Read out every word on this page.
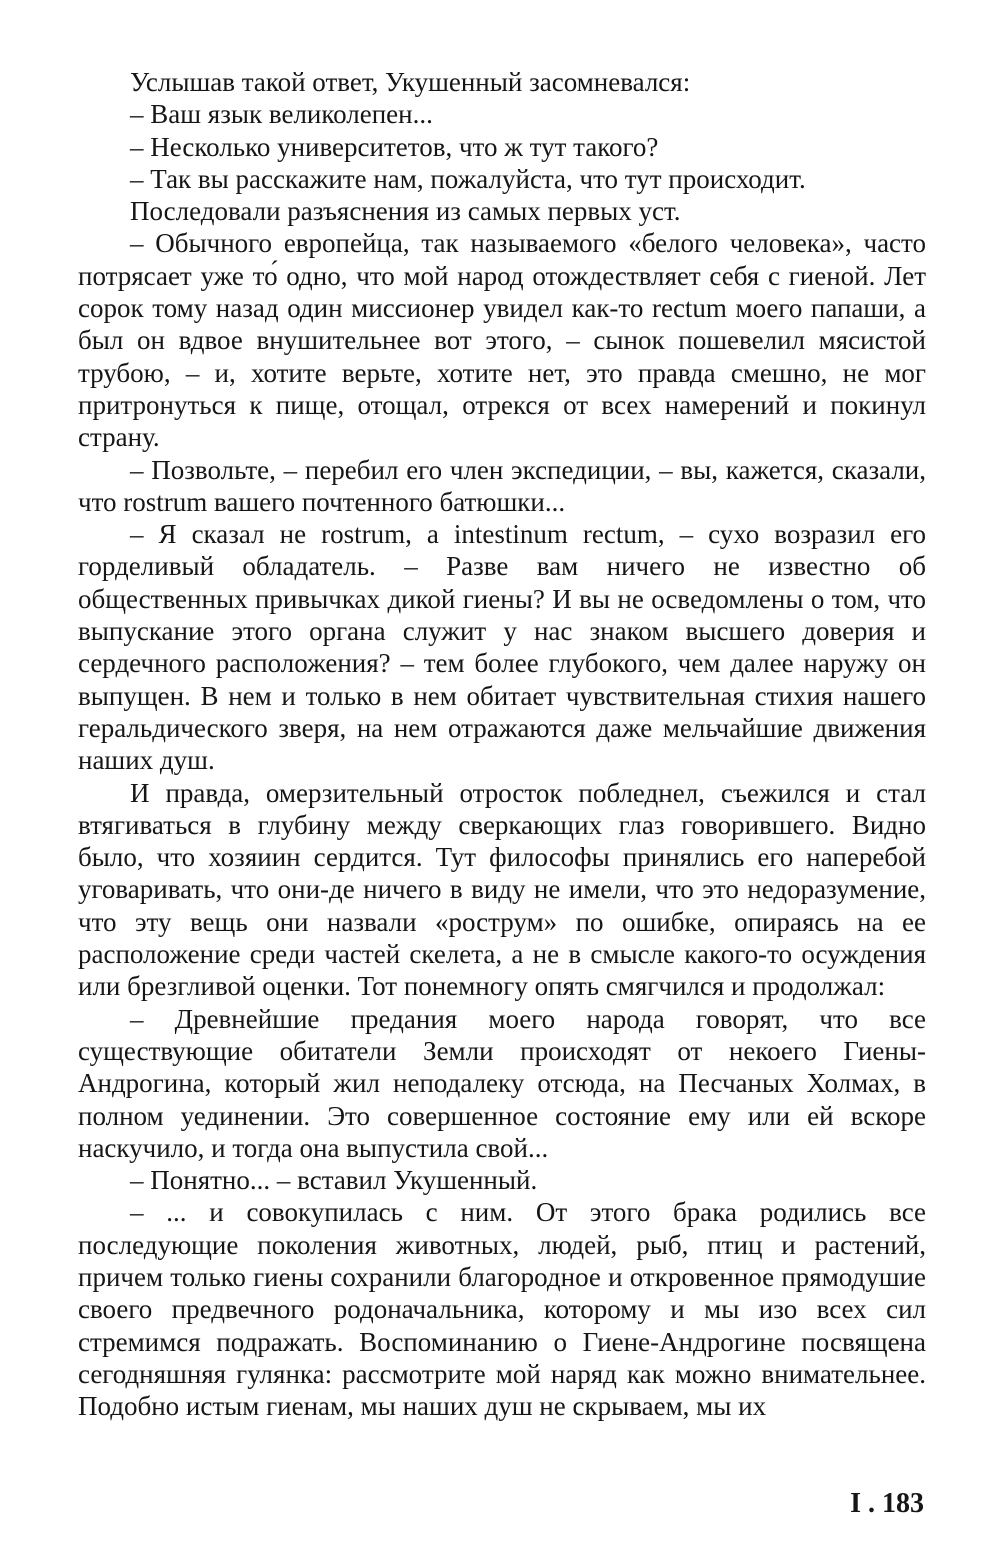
Услышав такой ответ, Укушенный засомневался:

– Ваш язык великолепен...

– Несколько университетов, что ж тут такого?

– Так вы расскажите нам, пожалуйста, что тут происходит.

Последовали разъяснения из самых первых уст.

– Обычного европейца, так называемого «белого человека», часто потрясает уже то́ одно, что мой народ отождествляет себя с гиеной. Лет сорок тому назад один миссионер увидел как-то rectum моего папаши, а был он вдвое внушительнее вот этого, – сынок пошевелил мясистой трубою, – и, хотите верьте, хотите нет, это правда смешно, не мог притронуться к пище, отощал, отрекся от всех намерений и покинул страну.

– Позвольте, – перебил его член экспедиции, – вы, кажется, сказали, что rostrum вашего почтенного батюшки...

– Я сказал не rostrum, а intestinum rectum, – сухо возразил его горделивый обладатель. – Разве вам ничего не известно об общественных привычках дикой гиены? И вы не осведомлены о том, что выпускание этого органа служит у нас знаком высшего доверия и сердечного расположения? – тем более глубокого, чем далее наружу он выпущен. В нем и только в нем обитает чувствительная стихия нашего геральдического зверя, на нем отражаются даже мельчайшие движения наших душ.

И правда, омерзительный отросток побледнел, съежился и стал втягиваться в глубину между сверкающих глаз говорившего. Видно было, что хозяиин сердится. Тут философы принялись его наперебой уговаривать, что они-де ничего в виду не имели, что это недоразумение, что эту вещь они назвали «рострум» по ошибке, опираясь на ее расположение среди частей скелета, а не в смысле какого-то осуждения или брезгливой оценки. Тот понемногу опять смягчился и продолжал:

– Древнейшие предания моего народа говорят, что все существующие обитатели Земли происходят от некоего Гиены-Андрогина, который жил неподалеку отсюда, на Песчаных Холмах, в полном уединении. Это совершенное состояние ему или ей вскоре наскучило, и тогда она выпустила свой...

– Понятно... – вставил Укушенный.

– ... и совокупилась с ним. От этого брака родились все последующие поколения животных, людей, рыб, птиц и растений, причем только гиены сохранили благородное и откровенное прямодушие своего предвечного родоначальника, которому и мы изо всех сил стремимся подражать. Воспоминанию о Гиене-Андрогине посвящена сегодняшняя гулянка: рассмотрите мой наряд как можно внимательнее. Подобно истым гиенам, мы наших душ не скрываем, мы их

I . 183
